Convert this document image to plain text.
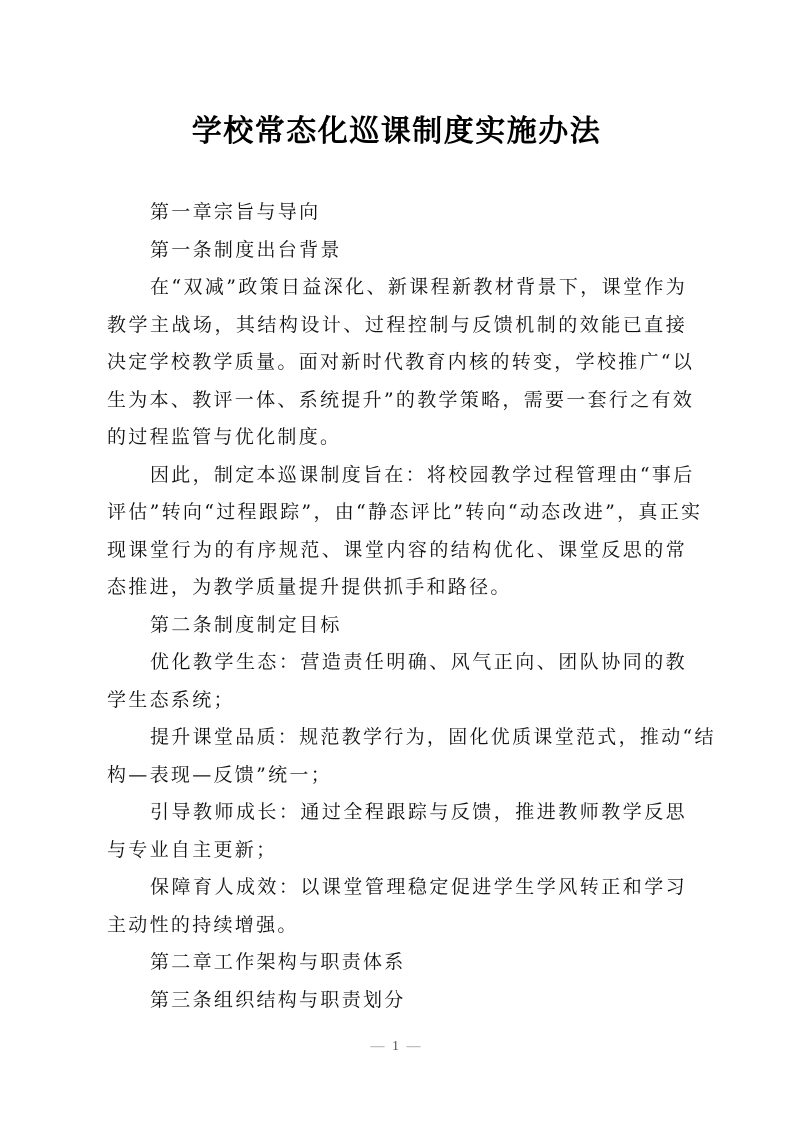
学校常态化巡课制度实施办法
第一章宗旨与导向
第一条制度出台背景
在“双减”政策日益深化、新课程新教材背景下，课堂作为
教学主战场，其结构设计、过程控制与反馈机制的效能已直接
决定学校教学质量。面对新时代教育内核的转变，学校推广“以
生为本、教评一体、系统提升”的教学策略，需要一套行之有效
的过程监管与优化制度。
因此，制定本巡课制度旨在：将校园教学过程管理由“事后
评估”转向“过程跟踪”，由“静态评比”转向“动态改进”，真正实
现课堂行为的有序规范、课堂内容的结构优化、课堂反思的常
态推进，为教学质量提升提供抓手和路径。
第二条制度制定目标
优化教学生态：营造责任明确、风气正向、团队协同的教
学生态系统；
提升课堂品质：规范教学行为，固化优质课堂范式，推动“结
构—表现—反馈”统一；
引导教师成长：通过全程跟踪与反馈，推进教师教学反思
与专业自主更新；
保障育人成效：以课堂管理稳定促进学生学风转正和学习
主动性的持续增强。
第二章工作架构与职责体系
第三条组织结构与职责划分
— 1 —
